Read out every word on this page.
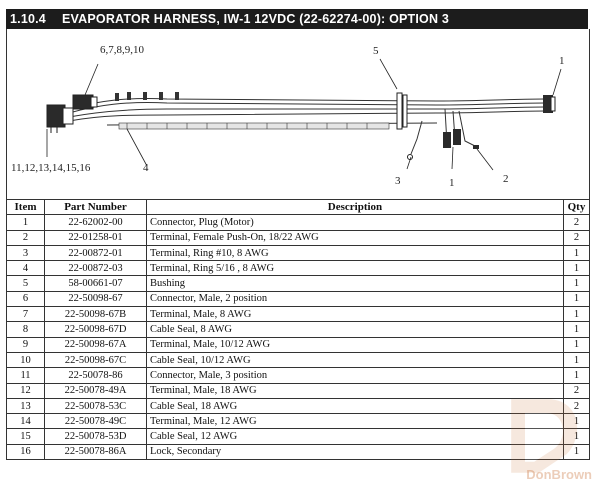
1.10.4	EVAPORATOR HARNESS, IW-1 12VDC (22-62274-00): OPTION 3
6,7,8,9,10	5
1
11,12,13,14,15,16	4
3	1	2
Item	Part Number	Description	Qty
1	22-62002-00	Connector, Plug (Motor)	2
2	22-01258-01	Terminal, Female Push-On, 18/22 AWG	2
3	22-00872-01	Terminal, Ring #10, 8 AWG	1
4	22-00872-03	Terminal, Ring 5/16 , 8 AWG	1
5	58-00661-07	Bushing	1
6	22-50098-67	Connector, Male, 2 position	1
7	22-50098-67B	Terminal, Male, 8 AWG	1
8	22-50098-67D	Cable Seal, 8 AWG	1
9	22-50098-67A	Terminal, Male, 10/12 AWG	1
10	22-50098-67C	Cable Seal, 10/12 AWG	1
11	22-50078-86	Connector, Male, 3 position	1
12	22-50078-49A	Terminal, Male, 18 AWG	2
13	22-50078-53C	Cable Seal, 18 AWG	2
14	22-50078-49C	Terminal, Male, 12 AWG	1
15	22-50078-53D	Cable Seal, 12 AWG	1
16	22-50078-86A	Lock, Secondary	1
DonBrown
